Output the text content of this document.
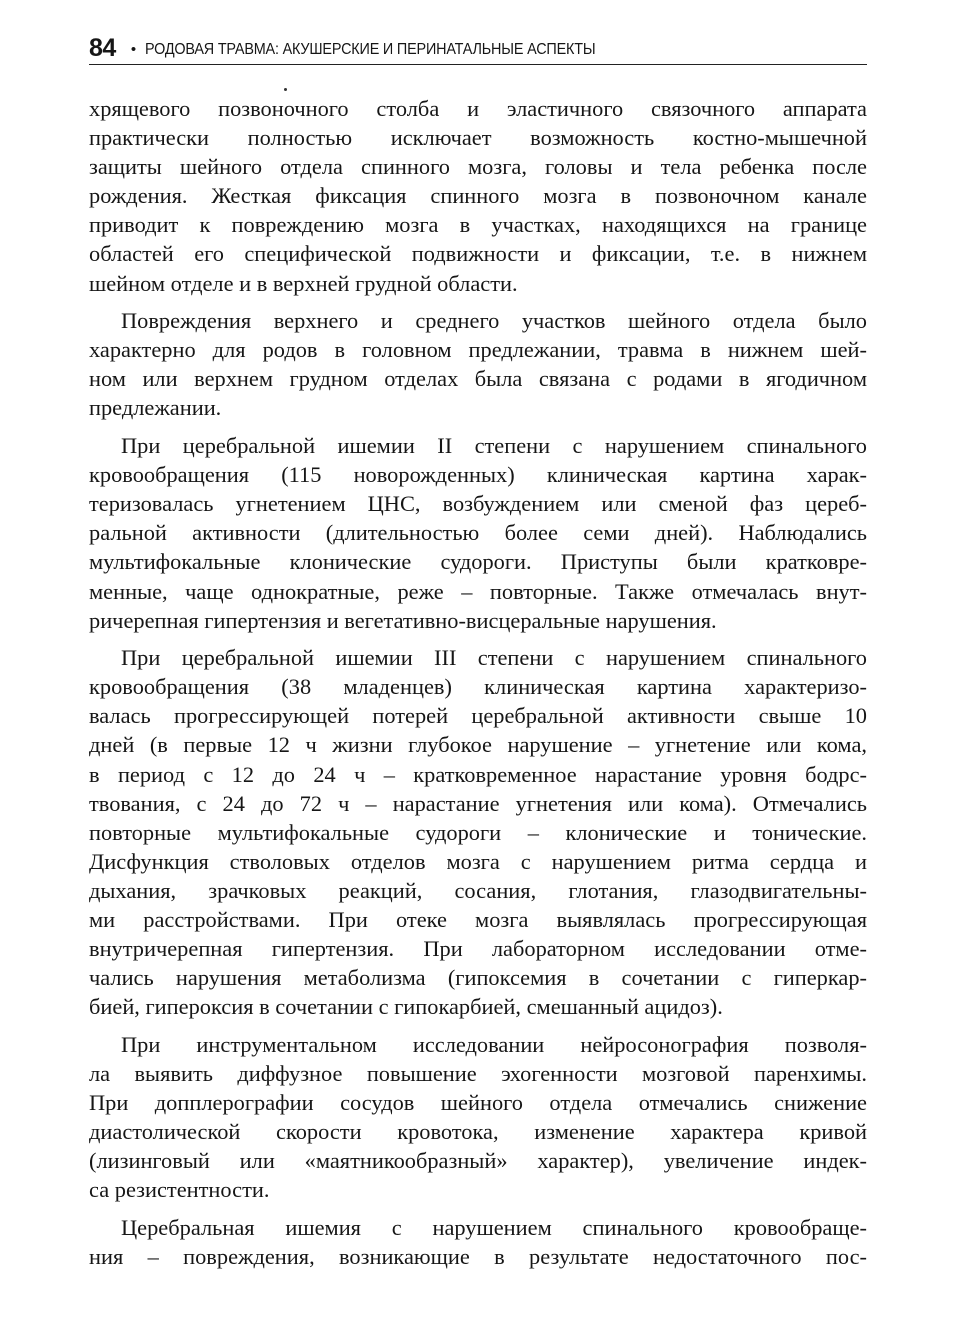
84 • РОДОВАЯ ТРАВМА: АКУШЕРСКИЕ И ПЕРИНАТАЛЬНЫЕ АСПЕКТЫ

хрящевого позвоночного столба и эластичного связочного аппарата
практически полностью исключает возможность костно-мышечной
защиты шейного отдела спинного мозга, головы и тела ребенка после
рождения. Жесткая фиксация спинного мозга в позвоночном канале
приводит к повреждению мозга в участках, находящихся на границе
областей его специфической подвижности и фиксации, т.е. в нижнем
шейном отделе и в верхней грудной области.

Повреждения верхнего и среднего участков шейного отдела было
характерно для родов в головном предлежании, травма в нижнем шей-
ном или верхнем грудном отделах была связана с родами в ягодичном
предлежании.

При церебральной ишемии II степени с нарушением спинального
кровообращения (115 новорожденных) клиническая картина харак-
теризовалась угнетением ЦНС, возбуждением или сменой фаз цереб-
ральной активности (длительностью более семи дней). Наблюдались
мультифокальные клонические судороги. Приступы были кратковре-
менные, чаще однократные, реже – повторные. Также отмечалась внут-
ричерепная гипертензия и вегетативно-висцеральные нарушения.

При церебральной ишемии III степени с нарушением спинального
кровообращения (38 младенцев) клиническая картина характеризо-
валась прогрессирующей потерей церебральной активности свыше 10
дней (в первые 12 ч жизни глубокое нарушение – угнетение или кома,
в период с 12 до 24 ч – кратковременное нарастание уровня бодрс-
твования, с 24 до 72 ч – нарастание угнетения или кома). Отмечались
повторные мультифокальные судороги – клонические и тонические.
Дисфункция стволовых отделов мозга с нарушением ритма сердца и
дыхания, зрачковых реакций, сосания, глотания, глазодвигательны-
ми расстройствами. При отеке мозга выявлялась прогрессирующая
внутричерепная гипертензия. При лабораторном исследовании отме-
чались нарушения метаболизма (гипоксемия в сочетании с гиперкар-
бией, гипероксия в сочетании с гипокарбией, смешанный ацидоз).

При инструментальном исследовании нейросонография позволя-
ла выявить диффузное повышение эхогенности мозговой паренхимы.
При допплерографии сосудов шейного отдела отмечались снижение
диастолической скорости кровотока, изменение характера кривой
(лизинговый или «маятникообразный» характер), увеличение индек-
са резистентности.

Церебральная ишемия с нарушением спинального кровообраще-
ния – повреждения, возникающие в результате недостаточного пос-
